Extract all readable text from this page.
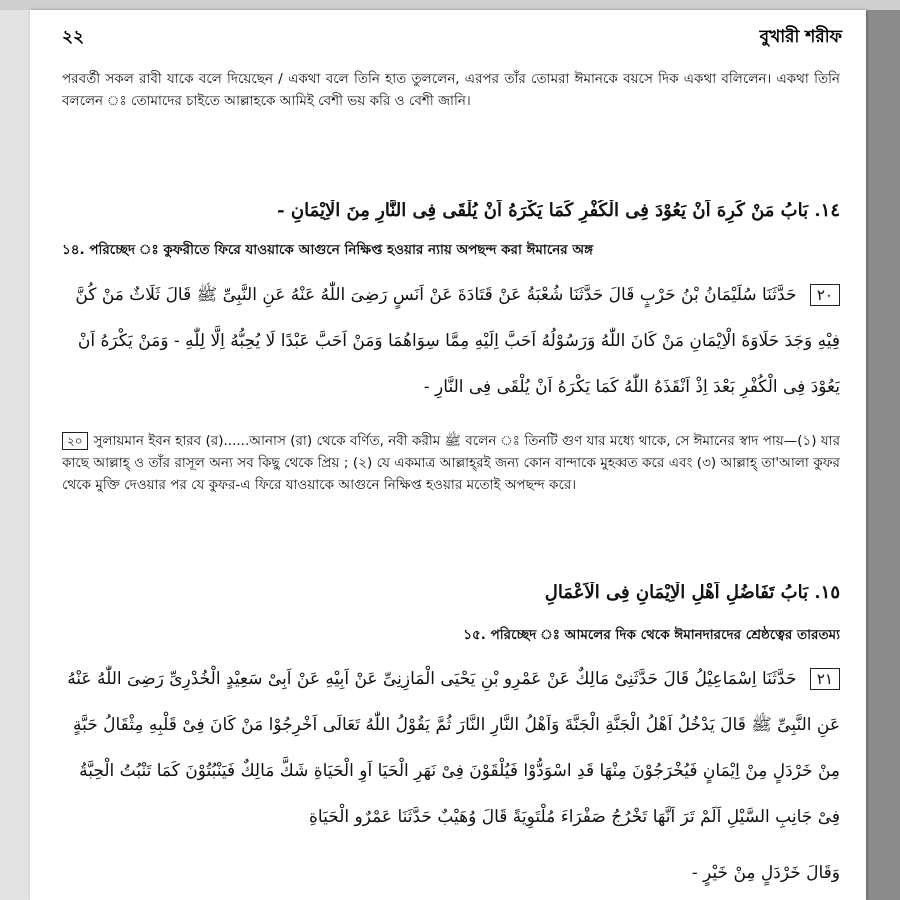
২২	বুখারী শরীফ
পরবর্তী সকল রাবী যাকে বলে দিয়েছেন / একথা বলে তিনি হাত তুললেন, এরপর তাঁর তোমরা ঈমানকে বয়সে দিক একথা বলিলেন। একথা তিনি বললেন ঃ তোমাদের চাইতে আল্লাহকে আমিই বেশী ভয় করি ও বেশী জানি।
١٤. بَابُ مَنْ كَرِهَ اَنْ يَعُوْدَ فِى الْكُفْرِ كَمَا يَكْرَهُ اَنْ يُلْقَى فِى النَّارِ مِنَ الْاِيْمَانِ -
১৪. পরিচ্ছেদ ঃ কুফরীতে ফিরে যাওয়াকে আগুনে নিক্ষিপ্ত হওয়ার ন্যায় অপছন্দ করা ঈমানের অঙ্গ
٢٠ حَدَّثَنَا سُلَيْمَانُ بْنُ حَرْبٍ قَالَ حَدَّثَنَا شُعْبَةُ عَنْ قَتَادَةَ عَنْ اَنَسٍ رَضِىَ اللّٰهُ عَنْهُ عَنِ النَّبِىِّ ﷺ قَالَ ثَلَاثٌ مَنْ كُنَّ فِيْهِ وَجَدَ حَلَاوَةَ الْاِيْمَانِ مَنْ كَانَ اللّٰهُ وَرَسُوْلُهُ اَحَبَّ اِلَيْهِ مِمَّا سِوَاهُمَا وَمَنْ اَحَبَّ عَبْدًا لَا يُحِبُّهُ اِلَّا لِلّٰهِ - وَمَنْ يَكْرَهُ اَنْ يَعُوْدَ فِى الْكُفْرِ بَعْدَ اِذْ اَنْقَذَهُ اللّٰهُ كَمَا يَكْرَهُ اَنْ يُلْقَى فِى النَّارِ -
২০ সুলায়মান ইবন হারব (র)......আনাস (রা) থেকে বর্ণিত, নবী করীম ﷺ বলেন ঃ তিনটি গুণ যার মধ্যে থাকে, সে ঈমানের স্বাদ পায়—(১) যার কাছে আল্লাহ্‌ ও তাঁর রাসূল অন্য সব কিছু থেকে প্রিয় ; (২) যে একমাত্র আল্লাহ্‌রই জন্য কোন বান্দাকে মুহব্বত করে এবং (৩) আল্লাহ্‌ তা'আলা কুফর থেকে মুক্তি দেওয়ার পর যে কুফর-এ ফিরে যাওয়াকে আগুনে নিক্ষিপ্ত হওয়ার মতোই অপছন্দ করে।
١٥. بَابُ تَفَاضُلِ اَهْلِ الْاِيْمَانِ فِى الْاَعْمَالِ
১৫. পরিচ্ছেদ ঃ আমলের দিক থেকে ঈমানদারদের শ্রেষ্ঠত্বের তারতম্য
٢١ حَدَّثَنَا اِسْمَاعِيْلُ قَالَ حَدَّثَنِىْ مَالِكٌ عَنْ عَمْرِو بْنِ يَحْيَى الْمَازِنِىِّ عَنْ اَبِيْهِ عَنْ اَبِىْ سَعِيْدٍ الْخُدْرِىِّ رَضِىَ اللّٰهُ عَنْهُ عَنِ النَّبِىِّ ﷺ قَالَ يَدْخُلُ اَهْلُ الْجَنَّةِ الْجَنَّةَ وَاَهْلُ النَّارِ النَّارَ ثُمَّ يَقُوْلُ اللّٰهُ تَعَالَى اَخْرِجُوْا مَنْ كَانَ فِىْ قَلْبِهِ مِثْقَالُ حَبَّةٍ مِنْ خَرْدَلٍ مِنْ اِيْمَانٍ فَيُخْرَجُوْنَ مِنْهَا قَدِ اسْوَدُّوْا فَيُلْقَوْنَ فِىْ نَهَرِ الْحَيَا اَوِ الْحَيَاةِ شَكَّ مَالِكٌ فَيَنْبُتُوْنَ كَمَا تَنْبُتُ الْحِبَّةُ فِىْ جَانِبِ السَّيْلِ اَلَمْ تَرَ اَنَّهَا تَخْرُجُ صَفْرَاءَ مُلْتَوِيَةً قَالَ وُهَيْبٌ حَدَّثَنَا عَمْرٌو الْحَيَاةِ
وَقَالَ خَرْدَلٍ مِنْ خَيْرٍ -
